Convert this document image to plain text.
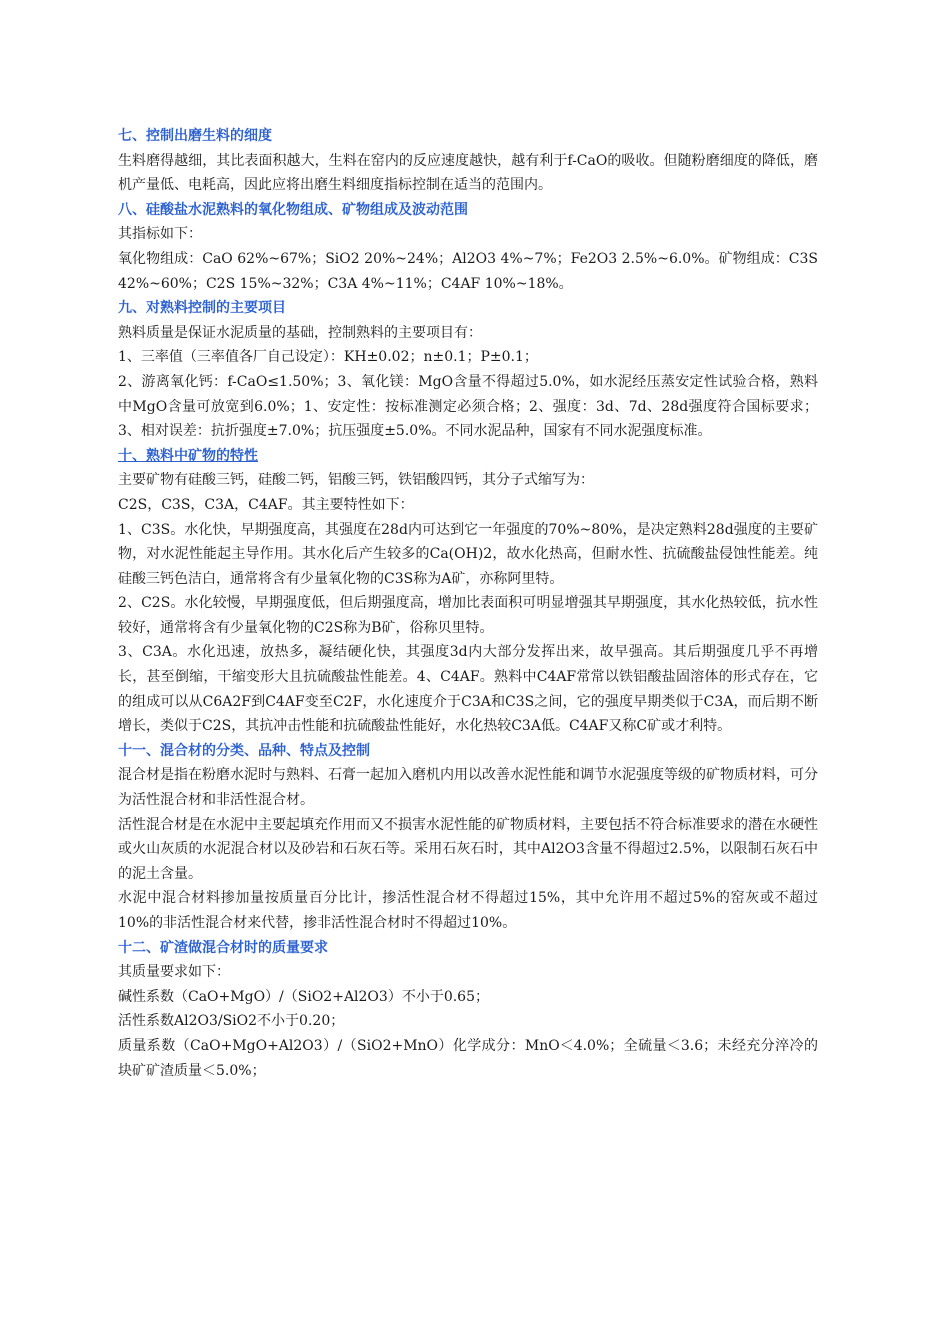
七、控制出磨生料的细度

生料磨得越细，其比表面积越大，生料在窑内的反应速度越快，越有利于f-CaO的吸收。但随粉磨细度的降低，磨机产量低、电耗高，因此应将出磨生料细度指标控制在适当的范围内。

八、硅酸盐水泥熟料的氧化物组成、矿物组成及波动范围

其指标如下：

氧化物组成：CaO 62%~67%；SiO2 20%~24%；Al2O3 4%~7%；Fe2O3 2.5%~6.0%。矿物组成：C3S 42%~60%；C2S 15%~32%；C3A 4%~11%；C4AF 10%~18%。

九、对熟料控制的主要项目

熟料质量是保证水泥质量的基础，控制熟料的主要项目有：

1、三率值（三率值各厂自己设定）：KH±0.02；n±0.1；P±0.1；

2、游离氧化钙：f-CaO≤1.50%；3、氧化镁：MgO含量不得超过5.0%，如水泥经压蒸安定性试验合格，熟料中MgO含量可放宽到6.0%；1、安定性：按标准测定必须合格；2、强度：3d、7d、28d强度符合国标要求；3、相对误差：抗折强度±7.0%；抗压强度±5.0%。不同水泥品种，国家有不同水泥强度标准。

十、熟料中矿物的特性

主要矿物有硅酸三钙，硅酸二钙，铝酸三钙，铁铝酸四钙，其分子式缩写为：

C2S，C3S，C3A，C4AF。其主要特性如下：

1、C3S。水化快，早期强度高，其强度在28d内可达到它一年强度的70%~80%，是决定熟料28d强度的主要矿物，对水泥性能起主导作用。其水化后产生较多的Ca(OH)2，故水化热高，但耐水性、抗硫酸盐侵蚀性能差。纯硅酸三钙色洁白，通常将含有少量氧化物的C3S称为A矿，亦称阿里特。

2、C2S。水化较慢，早期强度低，但后期强度高，增加比表面积可明显增强其早期强度，其水化热较低，抗水性较好，通常将含有少量氧化物的C2S称为B矿，俗称贝里特。

3、C3A。水化迅速，放热多，凝结硬化快，其强度3d内大部分发挥出来，故早强高。其后期强度几乎不再增长，甚至倒缩，干缩变形大且抗硫酸盐性能差。4、C4AF。熟料中C4AF常常以铁铝酸盐固溶体的形式存在，它的组成可以从C6A2F到C4AF变至C2F，水化速度介于C3A和C3S之间，它的强度早期类似于C3A，而后期不断增长，类似于C2S，其抗冲击性能和抗硫酸盐性能好，水化热较C3A低。C4AF又称C矿或才利特。

十一、混合材的分类、品种、特点及控制

混合材是指在粉磨水泥时与熟料、石膏一起加入磨机内用以改善水泥性能和调节水泥强度等级的矿物质材料，可分为活性混合材和非活性混合材。

活性混合材是在水泥中主要起填充作用而又不损害水泥性能的矿物质材料，主要包括不符合标准要求的潜在水硬性或火山灰质的水泥混合材以及砂岩和石灰石等。采用石灰石时，其中Al2O3含量不得超过2.5%，以限制石灰石中的泥土含量。

水泥中混合材料掺加量按质量百分比计，掺活性混合材不得超过15%，其中允许用不超过5%的窑灰或不超过10%的非活性混合材来代替，掺非活性混合材时不得超过10%。

十二、矿渣做混合材时的质量要求

其质量要求如下：

碱性系数（CaO+MgO）/（SiO2+Al2O3）不小于0.65；

活性系数Al2O3/SiO2不小于0.20；

质量系数（CaO+MgO+Al2O3）/（SiO2+MnO）化学成分：MnO＜4.0%；全硫量＜3.6；未经充分淬冷的块矿矿渣质量＜5.0%；
